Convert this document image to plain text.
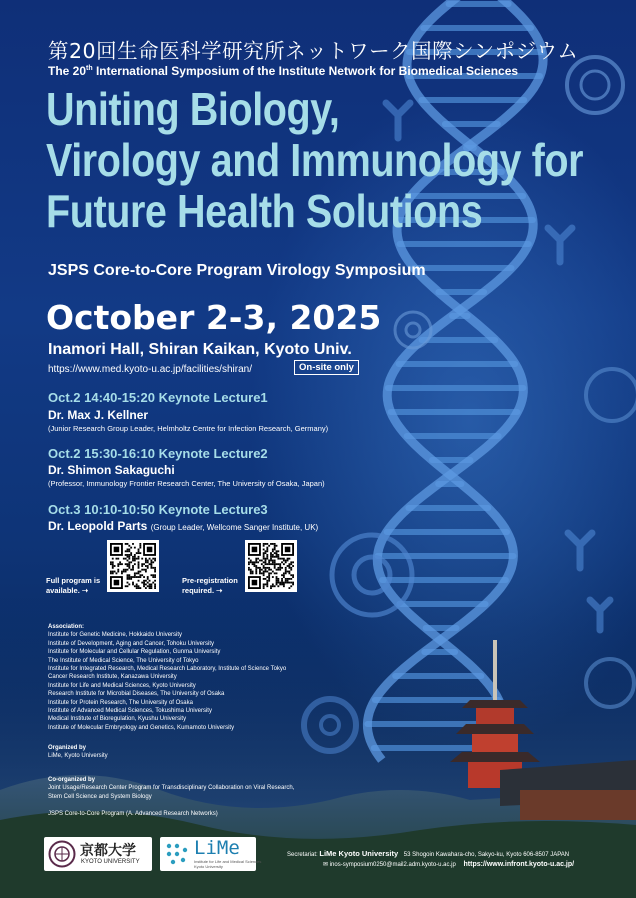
第20回生命医科学研究所ネットワーク国際シンポジウム
The 20th International Symposium of the Institute Network for Biomedical Sciences
Uniting Biology,
Virology and Immunology for
Future Health Solutions
JSPS Core-to-Core Program Virology Symposium
October 2-3, 2025
Inamori Hall, Shiran Kaikan, Kyoto Univ.
https://www.med.kyoto-u.ac.jp/facilities/shiran/	On-site only
Oct.2 14:40-15:20 Keynote Lecture1
Dr. Max J. Kellner
(Junior Research Group Leader, Helmholtz Centre for Infection Research, Germany)
Oct.2 15:30-16:10 Keynote Lecture2
Dr. Shimon Sakaguchi
(Professor, Immunology Frontier Research Center, The University of Osaka, Japan)
Oct.3 10:10-10:50 Keynote Lecture3
Dr. Leopold Parts (Group Leader, Wellcome Sanger Institute, UK)
Full program is
available. ➝
Pre-registration
required. ➝
Association:
Institute for Genetic Medicine, Hokkaido University
Institute of Development, Aging and Cancer, Tohoku University
Institute for Molecular and Cellular Regulation, Gunma University
The Institute of Medical Science, The University of Tokyo
Institute for Integrated Research, Medical Research Laboratory, Institute of Science Tokyo
Cancer Research Institute, Kanazawa University
Institute for Life and Medical Sciences, Kyoto University
Research Institute for Microbial Diseases, The University of Osaka
Institute for Protein Research, The University of Osaka
Institute of Advanced Medical Sciences, Tokushima University
Medical Institute of Bioregulation, Kyushu University
Institute of Molecular Embryology and Genetics, Kumamoto University
Organized by
LiMe, Kyoto University
Co-organized by
Joint Usage/Research Center Program for Transdisciplinary Collaboration on Viral Research,
Stem Cell Science and System Biology
JSPS Core-to-Core Program (A. Advanced Research Networks)
京都大学
KYOTO UNIVERSITY
LiMe
Institute for Life and Medical Sciences
Kyoto University
Secretariat: LiMe Kyoto University 53 Shogoin Kawahara-cho, Sakyo-ku, Kyoto 606-8507 JAPAN
✉ inos-symposium0250@mail2.adm.kyoto-u.ac.jp https://www.infront.kyoto-u.ac.jp/
